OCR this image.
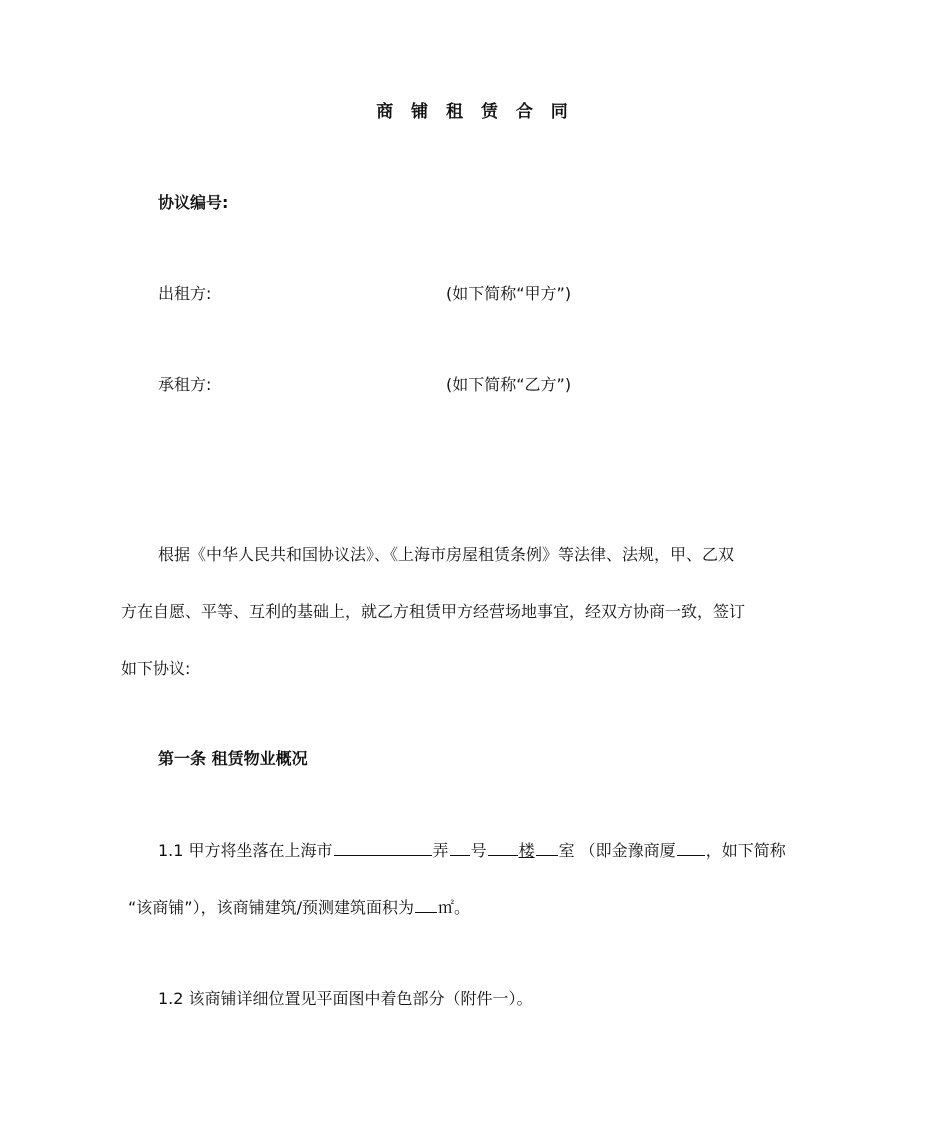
商 铺 租 赁 合 同
协议编号:
出租方:	(如下简称“甲方”)
承租方:	(如下简称“乙方”)
根据《中华人民共和国协议法》、《上海市房屋租赁条例》等法律、法规，甲、乙双
方在自愿、平等、互利的基础上，就乙方租赁甲方经营场地事宜，经双方协商一致，签订
如下协议:
第一条 租赁物业概况
1.1 甲方将坐落在上海市	弄 号 楼 室 （即金豫商厦 ，如下简称
“该商铺”），该商铺建筑/预测建筑面积为 ㎡。
1.2 该商铺详细位置见平面图中着色部分（附件一）。
